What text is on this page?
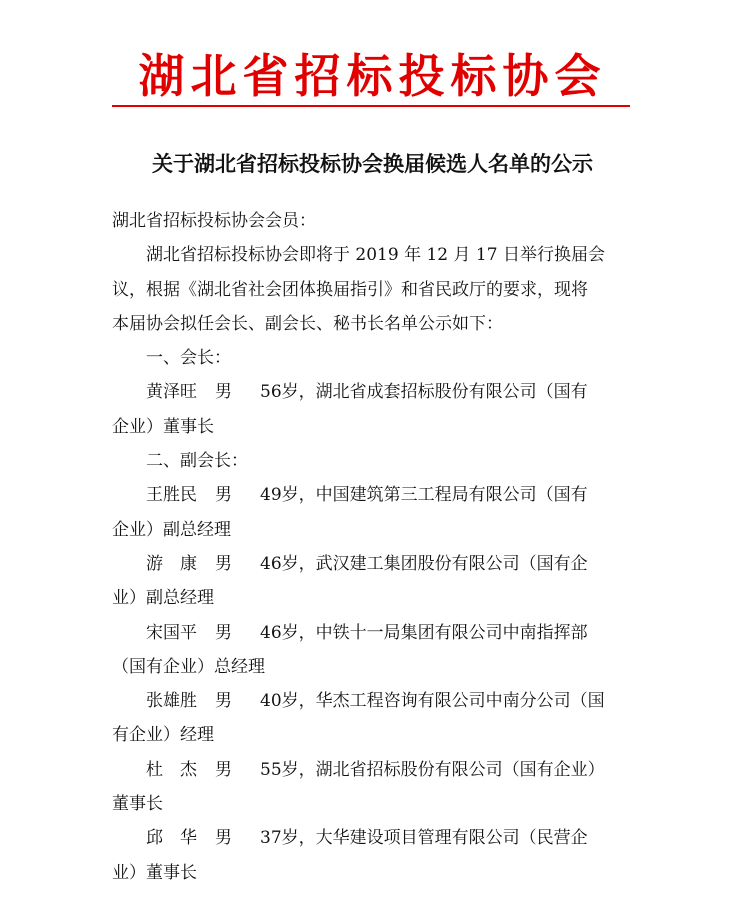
湖北省招标投标协会
关于湖北省招标投标协会换届候选人名单的公示
湖北省招标投标协会会员：
湖北省招标投标协会即将于 2019 年 12 月 17 日举行换届会
议，根据《湖北省社会团体换届指引》和省民政厅的要求，现将
本届协会拟任会长、副会长、秘书长名单公示如下：
一、会长：
黄泽旺 男 56岁，湖北省成套招标股份有限公司（国有
企业）董事长
二、副会长：
王胜民 男 49岁，中国建筑第三工程局有限公司（国有
企业）副总经理
游　康 男 46岁，武汉建工集团股份有限公司（国有企
业）副总经理
宋国平 男 46岁，中铁十一局集团有限公司中南指挥部
（国有企业）总经理
张雄胜 男 40岁，华杰工程咨询有限公司中南分公司（国
有企业）经理
杜　杰 男 55岁，湖北省招标股份有限公司（国有企业）
董事长
邱　华 男 37岁，大华建设项目管理有限公司（民营企
业）董事长
